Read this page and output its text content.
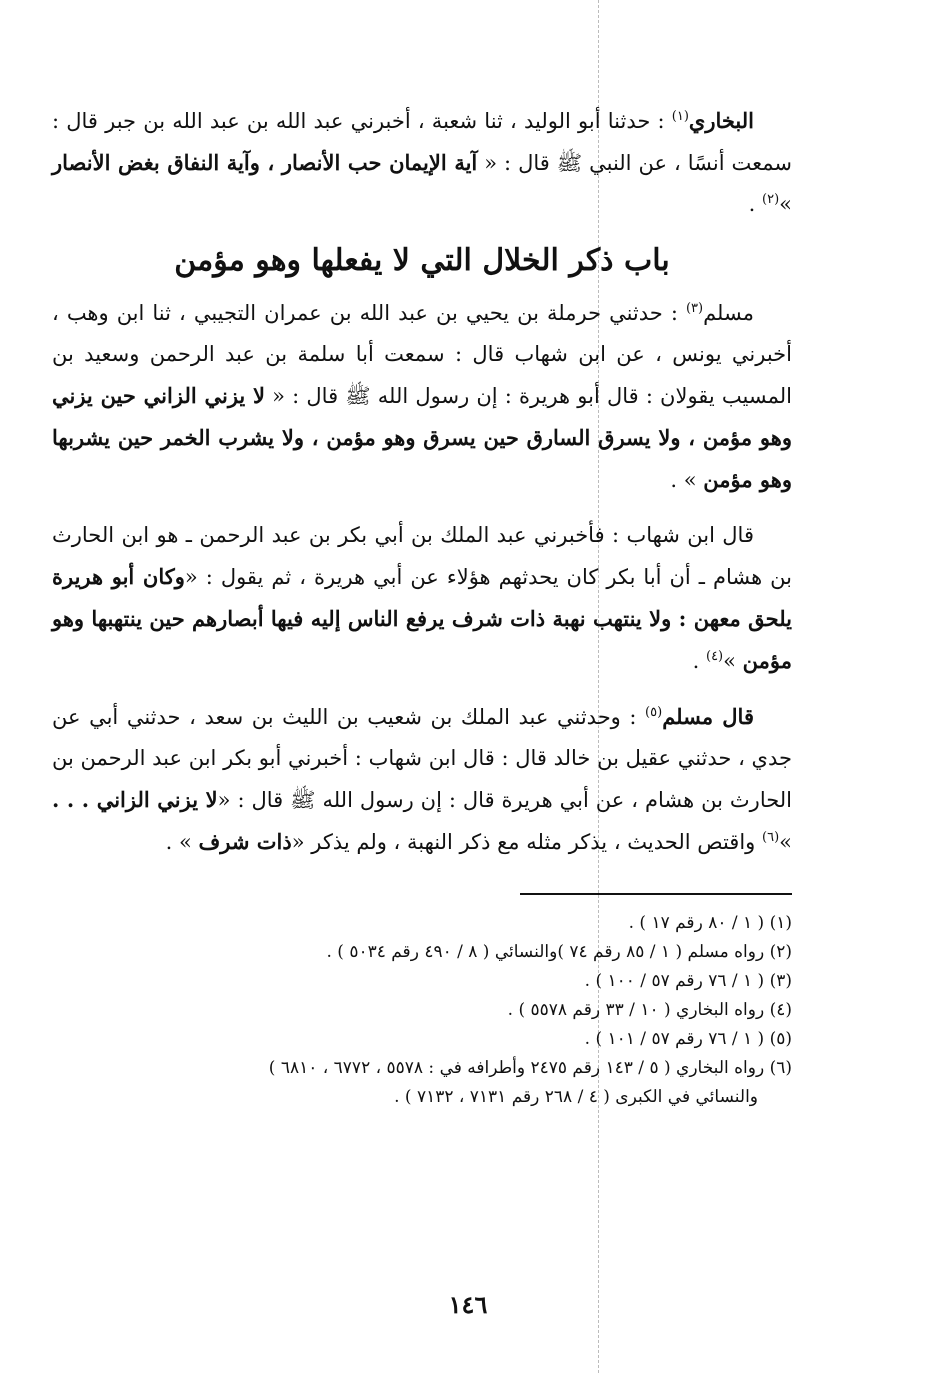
البخاري$^{(١)}$ : حدثنا أبو الوليد ، ثنا شعبة ، أخبرني عبد الله بن عبد الله بن جبر قال : سمعت أنسًا ، عن النبي ﷺ قال : « آية الإيمان حب الأنصار ، وآية النفاق بغض الأنصار »$^{(٢)}$ .

باب ذكر الخلال التي لا يفعلها وهو مؤمن

مسلم$^{(٣)}$ : حدثني حرملة بن يحيي بن عبد الله بن عمران التجيبي ، ثنا ابن وهب ، أخبرني يونس ، عن ابن شهاب قال : سمعت أبا سلمة بن عبد الرحمن وسعيد بن المسيب يقولان : قال أبو هريرة : إن رسول الله ﷺ قال : « لا يزني الزاني حين يزني وهو مؤمن ، ولا يسرق السارق حين يسرق وهو مؤمن ، ولا يشرب الخمر حين يشربها وهو مؤمن » .

قال ابن شهاب : فأخبرني عبد الملك بن أبي بكر بن عبد الرحمن ـ هو ابن الحارث بن هشام ـ أن أبا بكر كان يحدثهم هؤلاء عن أبي هريرة ، ثم يقول : «وكان أبو هريرة يلحق معهن : ولا ينتهب نهبة ذات شرف يرفع الناس إليه فيها أبصارهم حين ينتهبها وهو مؤمن »$^{(٤)}$ .

قال مسلم$^{(٥)}$ : وحدثني عبد الملك بن شعيب بن الليث بن سعد ، حدثني أبي عن جدي ، حدثني عقيل بن خالد قال : قال ابن شهاب : أخبرني أبو بكر ابن عبد الرحمن بن الحارث بن هشام ، عن أبي هريرة قال : إن رسول الله ﷺ قال : «لا يزني الزاني . . . »$^{(٦)}$ واقتص الحديث ، يذكر مثله مع ذكر النهبة ، ولم يذكر «ذات شرف » .

(١) ( ١ / ٨٠ رقم ١٧ ) .

(٢) رواه مسلم ( ١ / ٨٥ رقم ٧٤ )والنسائي ( ٨ / ٤٩٠ رقم ٥٠٣٤ ) .

(٣) ( ١ / ٧٦ رقم ٥٧ / ١٠٠ ) .

(٤) رواه البخاري ( ١٠ / ٣٣ رقم ٥٥٧٨ ) .

(٥) ( ١ / ٧٦ رقم ٥٧ / ١٠١ ) .

(٦) رواه البخاري ( ٥ / ١٤٣ رقم ٢٤٧٥ وأطرافه في : ٥٥٧٨ ، ٦٧٧٢ ، ٦٨١٠ )

والنسائي في الكبرى ( ٤ / ٢٦٨ رقم ٧١٣١ ، ٧١٣٢ ) .

١٤٦
